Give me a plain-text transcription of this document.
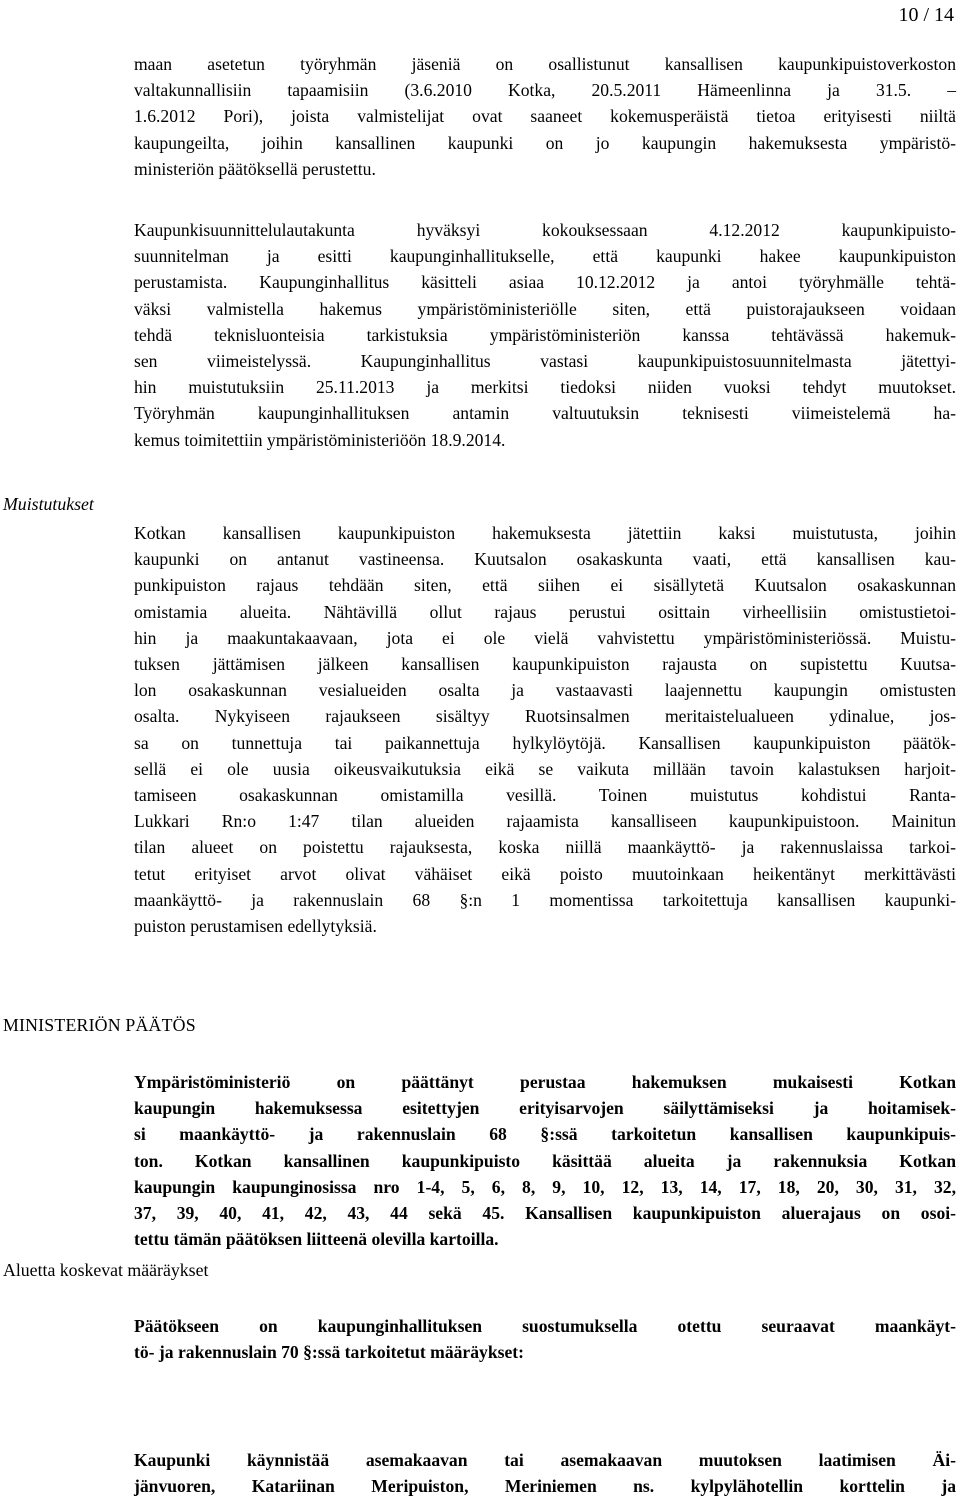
10 / 14
maan asetetun työryhmän jäseniä on osallistunut kansallisen kaupunkipuistoverkoston
valtakunnallisiin tapaamisiin (3.6.2010 Kotka, 20.5.2011 Hämeenlinna ja 31.5. –
1.6.2012 Pori), joista valmistelijat ovat saaneet kokemusperäistä tietoa erityisesti niiltä
kaupungeilta, joihin kansallinen kaupunki on jo kaupungin hakemuksesta ympäristö-
ministeriön päätöksellä perustettu.
Kaupunkisuunnittelulautakunta hyväksyi kokouksessaan 4.12.2012 kaupunkipuisto-
suunnitelman ja esitti kaupunginhallitukselle, että kaupunki hakee kaupunkipuiston
perustamista. Kaupunginhallitus käsitteli asiaa 10.12.2012 ja antoi työryhmälle tehtä-
väksi valmistella hakemus ympäristöministeriölle siten, että puistorajaukseen voidaan
tehdä teknisluonteisia tarkistuksia ympäristöministeriön kanssa tehtävässä hakemuk-
sen viimeistelyssä. Kaupunginhallitus vastasi kaupunkipuistosuunnitelmasta jätettyi-
hin muistutuksiin 25.11.2013 ja merkitsi tiedoksi niiden vuoksi tehdyt muutokset.
Työryhmän kaupunginhallituksen antamin valtuutuksin teknisesti viimeistelemä ha-
kemus toimitettiin ympäristöministeriöön 18.9.2014.
Muistutukset
Kotkan kansallisen kaupunkipuiston hakemuksesta jätettiin kaksi muistutusta, joihin
kaupunki on antanut vastineensa. Kuutsalon osakaskunta vaati, että kansallisen kau-
punkipuiston rajaus tehdään siten, että siihen ei sisällytetä Kuutsalon osakaskunnan
omistamia alueita. Nähtävillä ollut rajaus perustui osittain virheellisiin omistustietoi-
hin ja maakuntakaavaan, jota ei ole vielä vahvistettu ympäristöministeriössä. Muistu-
tuksen jättämisen jälkeen kansallisen kaupunkipuiston rajausta on supistettu Kuutsa-
lon osakaskunnan vesialueiden osalta ja vastaavasti laajennettu kaupungin omistusten
osalta. Nykyiseen rajaukseen sisältyy Ruotsinsalmen meritaistelualueen ydinalue, jos-
sa on tunnettuja tai paikannettuja hylkylöytöjä. Kansallisen kaupunkipuiston päätök-
sellä ei ole uusia oikeusvaikutuksia eikä se vaikuta millään tavoin kalastuksen harjoit-
tamiseen osakaskunnan omistamilla vesillä. Toinen muistutus kohdistui Ranta-
Lukkari Rn:o 1:47 tilan alueiden rajaamista kansalliseen kaupunkipuistoon. Mainitun
tilan alueet on poistettu rajauksesta, koska niillä maankäyttö- ja rakennuslaissa tarkoi-
tetut erityiset arvot olivat vähäiset eikä poisto muutoinkaan heikentänyt merkittävästi
maankäyttö- ja rakennuslain 68 §:n 1 momentissa tarkoitettuja kansallisen kaupunki-
puiston perustamisen edellytyksiä.
MINISTERIÖN PÄÄTÖS
Ympäristöministeriö on päättänyt perustaa hakemuksen mukaisesti Kotkan
kaupungin hakemuksessa esitettyjen erityisarvojen säilyttämiseksi ja hoitamisek-
si maankäyttö- ja rakennuslain 68 §:ssä tarkoitetun kansallisen kaupunkipuis-
ton. Kotkan kansallinen kaupunkipuisto käsittää alueita ja rakennuksia Kotkan
kaupungin kaupunginosissa nro 1-4, 5, 6, 8, 9, 10, 12, 13, 14, 17, 18, 20, 30, 31, 32,
37, 39, 40, 41, 42, 43, 44 sekä 45. Kansallisen kaupunkipuiston aluerajaus on osoi-
tettu tämän päätöksen liitteenä olevilla kartoilla.
Aluetta koskevat määräykset
Päätökseen on kaupunginhallituksen suostumuksella otettu seuraavat maankäyt-
tö- ja rakennuslain 70 §:ssä tarkoitetut määräykset:
Kaupunki käynnistää asemakaavan tai asemakaavan muutoksen laatimisen Äi-
jänvuoren, Katariinan Meripuiston, Meriniemen ns. kylpylähotellin korttelin ja
